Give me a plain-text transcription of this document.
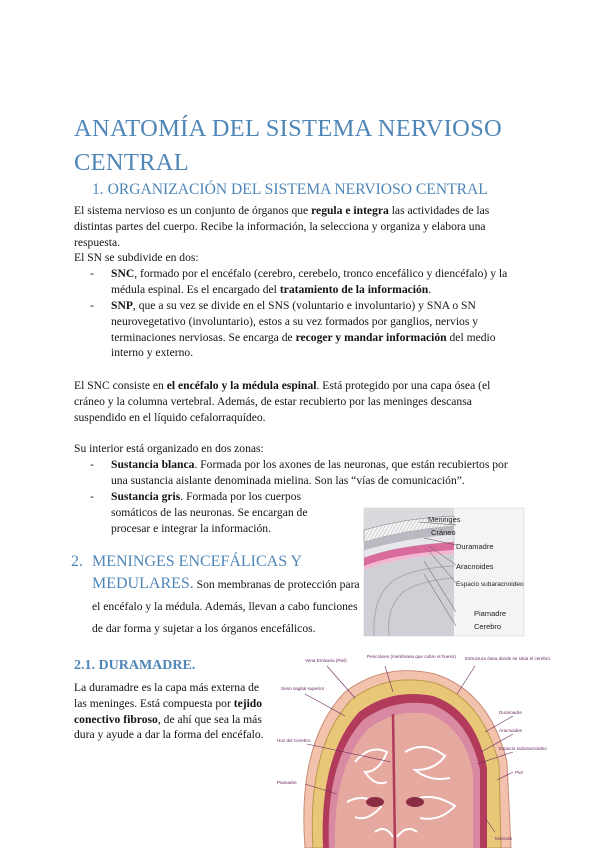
ANATOMÍA DEL SISTEMA NERVIOSO CENTRAL
1. ORGANIZACIÓN DEL SISTEMA NERVIOSO CENTRAL
El sistema nervioso es un conjunto de órganos que regula e integra las actividades de las distintas partes del cuerpo. Recibe la información, la selecciona y organiza y elabora una respuesta.
El SN se subdivide en dos:
- SNC, formado por el encéfalo (cerebro, cerebelo, tronco encefálico y diencéfalo) y la médula espinal. Es el encargado del tratamiento de la información.
- SNP, que a su vez se divide en el SNS (voluntario e involuntario) y SNA o SN neurovegetativo (involuntario), estos a su vez formados por ganglios, nervios y terminaciones nerviosas. Se encarga de recoger y mandar información del medio interno y externo.
El SNC consiste en el encéfalo y la médula espinal. Está protegido por una capa ósea (el cráneo y la columna vertebral. Además, de estar recubierto por las meninges descansa suspendido en el líquido cefalorraquídeo.
Su interior está organizado en dos zonas:
- Sustancia blanca. Formada por los axones de las neuronas, que están recubiertos por una sustancia aislante denominada mielina. Son las “vías de comunicación”.
- Sustancia gris. Formada por los cuerpos somáticos de las neuronas. Se encargan de procesar e integrar la información.
2. MENINGES ENCEFÁLICAS Y MEDULARES. Son membranas de protección para el encéfalo y la médula. Además, llevan a cabo funciones de dar forma y sujetar a los órganos encefálicos.
2.1. DURAMADRE.
La duramadre es la capa más externa de las meninges. Está compuesta por tejido conectivo fibroso, de ahí que sea la más dura y ayude a dar la forma del encéfalo.
Meninges
Cráneo
Duramadre
Aracnoides
Espacio subaracnoideo
Piamadre
Cerebro
Vena Emisaria (Piel)
Pericráneo (membrana que cubre el hueso)
Seno sagital superior
Estructura ósea donde se sitúa el cerebro
Duramadre
Aracnoides
Espacio subaracnoideo
Hoz del Cerebro
Piamadre
Piel
Músculo
